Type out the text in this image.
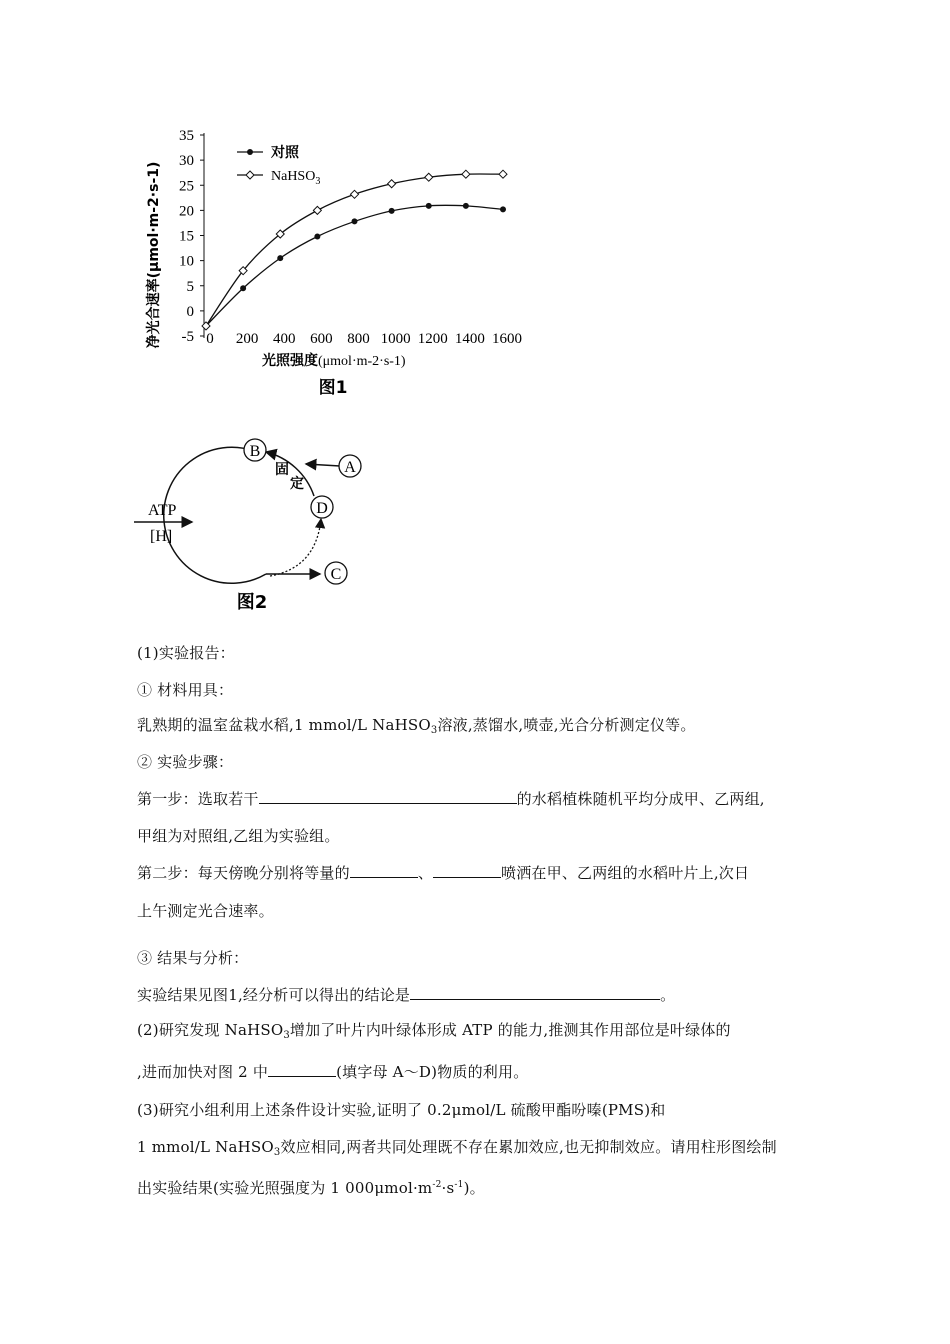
净光合速率(μmol·m-2·s-1) -5
0
5
10
15
20
25
30
35
0 200 400 600 800 1000 1200 1400 1600
对照
NaHSO$_3$
光照强度(μmol·m-2·s-1)
图1
B
A
D
C
固
定
ATP
[H]
图2
(1)实验报告：
① 材料用具：
乳熟期的温室盆栽水稻,1 mmol/L NaHSO$_3$溶液,蒸馏水,喷壶,光合分析测定仪等。
② 实验步骤：
第一步：选取若干	的水稻植株随机平均分成甲、乙两组,
甲组为对照组,乙组为实验组。
第二步：每天傍晚分别将等量的	、	喷洒在甲、乙两组的水稻叶片上,次日
上午测定光合速率。
③ 结果与分析：
实验结果见图1,经分析可以得出的结论是	。
(2)研究发现 NaHSO$_3$增加了叶片内叶绿体形成 ATP 的能力,推测其作用部位是叶绿体的
,进而加快对图 2 中	(填字母 A～D)物质的利用。
(3)研究小组利用上述条件设计实验,证明了 0.2μmol/L 硫酸甲酯吩嗪(PMS)和
1 mmol/L NaHSO$_3$效应相同,两者共同处理既不存在累加效应,也无抑制效应。请用柱形图绘制
出实验结果(实验光照强度为 1 $000\mu mol\cdot m^{-2}\cdot s^{-1}$)。
